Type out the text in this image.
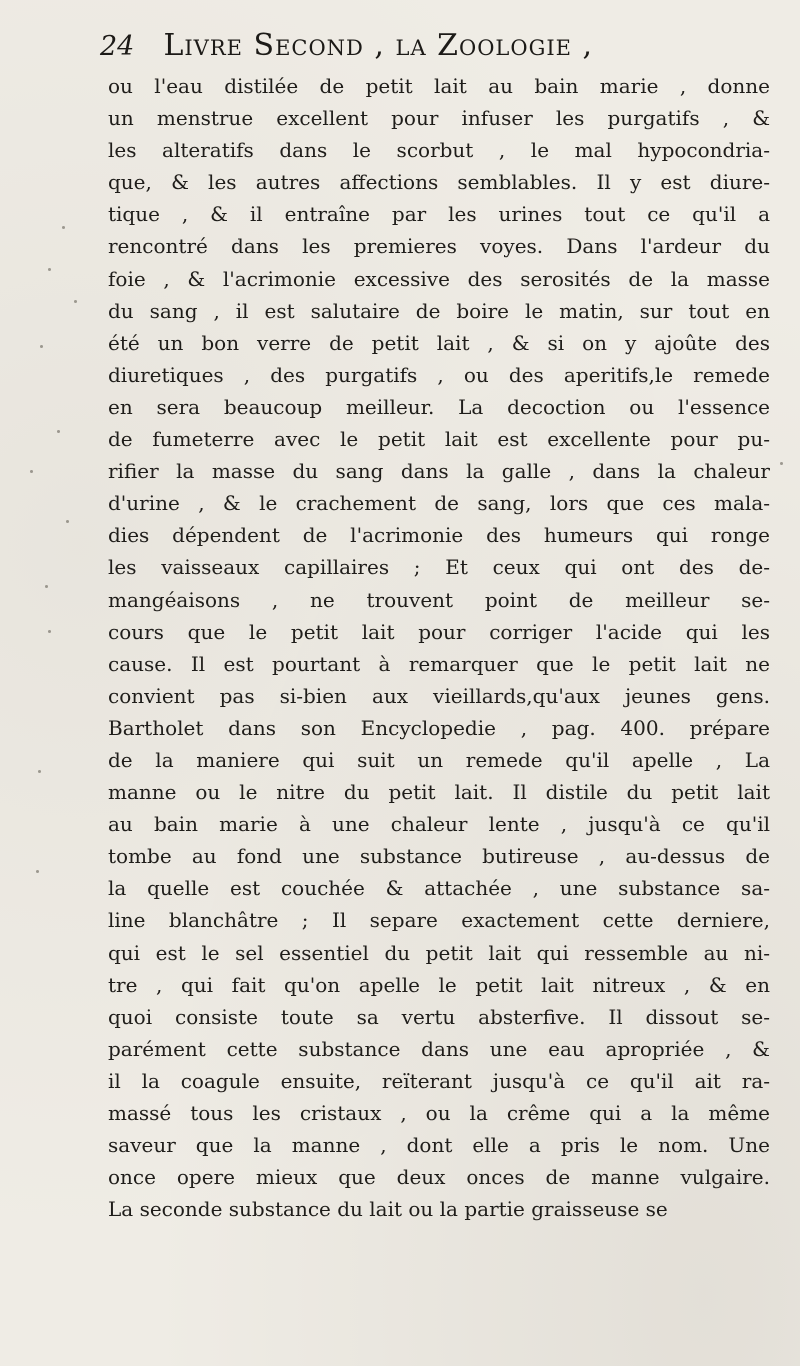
24 Livre Second , la Zoologie ,
ou l'eau distilée de petit lait au bain marie , donne
un menstrue excellent pour infuser les purgatifs , &
les alteratifs dans le scorbut , le mal hypocondria-
que, & les autres affections semblables. Il y est diure-
tique , & il entraîne par les urines tout ce qu'il a
rencontré dans les premieres voyes. Dans l'ardeur du
foie , & l'acrimonie excessive des serosités de la masse
du sang , il est salutaire de boire le matin, sur tout en
été un bon verre de petit lait , & si on y ajoûte des
diuretiques , des purgatifs , ou des aperitifs,le remede
en sera beaucoup meilleur. La decoction ou l'essence
de fumeterre avec le petit lait est excellente pour pu-
rifier la masse du sang dans la galle , dans la chaleur
d'urine , & le crachement de sang, lors que ces mala-
dies dépendent de l'acrimonie des humeurs qui ronge
les vaisseaux capillaires ; Et ceux qui ont des de-
mangéaisons , ne trouvent point de meilleur se-
cours que le petit lait pour corriger l'acide qui les
cause. Il est pourtant à remarquer que le petit lait ne
convient pas si-bien aux vieillards,qu'aux jeunes gens.
Bartholet dans son Encyclopedie , pag. 400. prépare
de la maniere qui suit un remede qu'il apelle , La
manne ou le nitre du petit lait. Il distile du petit lait
au bain marie à une chaleur lente , jusqu'à ce qu'il
tombe au fond une substance butireuse , au-dessus de
la quelle est couchée & attachée , une substance sa-
line blanchâtre ; Il separe exactement cette derniere,
qui est le sel essentiel du petit lait qui ressemble au ni-
tre , qui fait qu'on apelle le petit lait nitreux , & en
quoi consiste toute sa vertu absterfive. Il dissout se-
parément cette substance dans une eau apropriée , &
il la coagule ensuite, reïterant jusqu'à ce qu'il ait ra-
massé tous les cristaux , ou la crême qui a la même
saveur que la manne , dont elle a pris le nom. Une
once opere mieux que deux onces de manne vulgaire.
La seconde substance du lait ou la partie graisseuse se
